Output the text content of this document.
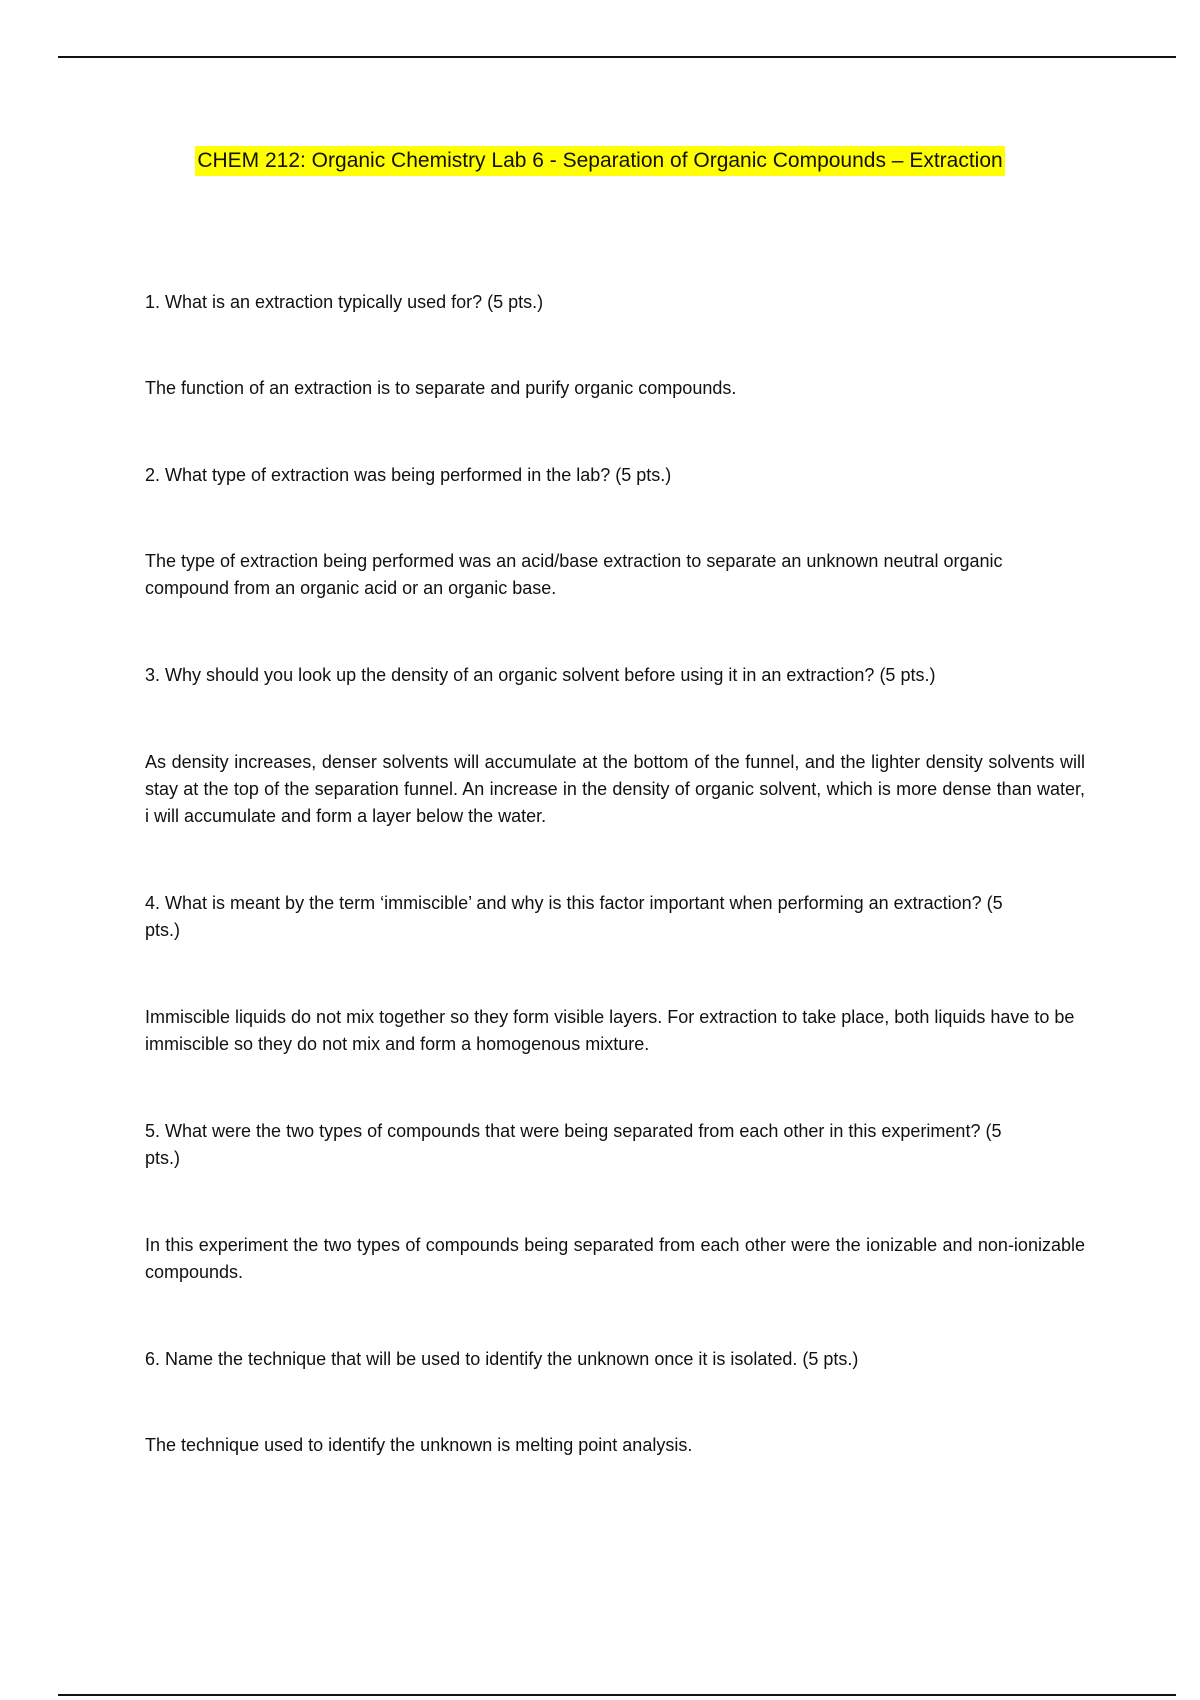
CHEM 212: Organic Chemistry Lab 6 - Separation of Organic Compounds – Extraction

1. What is an extraction typically used for? (5 pts.)

The function of an extraction is to separate and purify organic compounds.

2. What type of extraction was being performed in the lab? (5 pts.)

The type of extraction being performed was an acid/base extraction to separate an unknown neutral organic compound from an organic acid or an organic base.

3. Why should you look up the density of an organic solvent before using it in an extraction? (5 pts.)

As density increases, denser solvents will accumulate at the bottom of the funnel, and the lighter density solvents will stay at the top of the separation funnel. An increase in the density of organic solvent, which is more dense than water, i will accumulate and form a layer below the water.

4. What is meant by the term ‘immiscible’ and why is this factor important when performing an extraction? (5 pts.)

Immiscible liquids do not mix together so they form visible layers. For extraction to take place, both liquids have to be immiscible so they do not mix and form a homogenous mixture.

5. What were the two types of compounds that were being separated from each other in this experiment? (5 pts.)

In this experiment the two types of compounds being separated from each other were the ionizable and non-ionizable compounds.

6. Name the technique that will be used to identify the unknown once it is isolated. (5 pts.)

The technique used to identify the unknown is melting point analysis.
